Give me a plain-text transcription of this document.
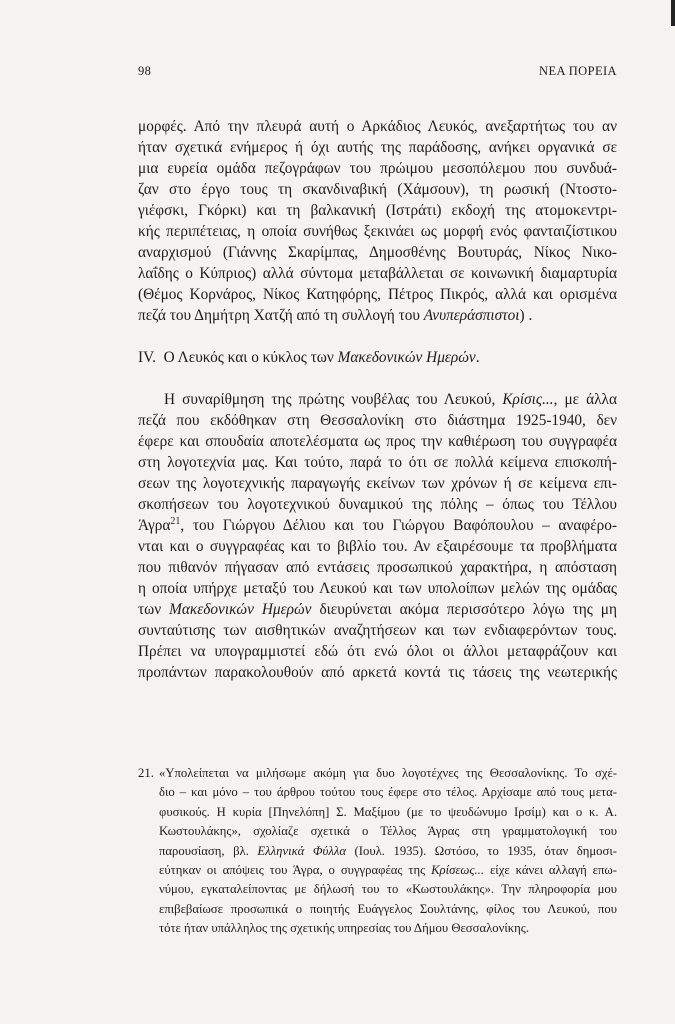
98	ΝΕΑ ΠΟΡΕΙΑ
μορφές. Από την πλευρά αυτή ο Αρκάδιος Λευκός, ανεξαρτήτως του αν
ήταν σχετικά ενήμερος ή όχι αυτής της παράδοσης, ανήκει οργανικά σε
μια ευρεία ομάδα πεζογράφων του πρώιμου μεσοπόλεμου που συνδυά-
ζαν στο έργο τους τη σκανδιναβική (Χάμσουν), τη ρωσική (Ντοστο-
γιέφσκι, Γκόρκι) και τη βαλκανική (Ιστράτι) εκδοχή της ατομοκεντρι-
κής περιπέτειας, η οποία συνήθως ξεκινάει ως μορφή ενός φανταιζίστικου
αναρχισμού (Γιάννης Σκαρίμπας, Δημοσθένης Βουτυράς, Νίκος Νικο-
λαΐδης ο Κύπριος) αλλά σύντομα μεταβάλλεται σε κοινωνική διαμαρτυρία
(Θέμος Κορνάρος, Νίκος Κατηφόρης, Πέτρος Πικρός, αλλά και ορισμένα
πεζά του Δημήτρη Χατζή από τη συλλογή του Ανυπεράσπιστοι) .
IV. Ο Λευκός και ο κύκλος των Μακεδονικών Ημερών.
Η συναρίθμηση της πρώτης νουβέλας του Λευκού, Κρίσις..., με άλλα
πεζά που εκδόθηκαν στη Θεσσαλονίκη στο διάστημα 1925-1940, δεν
έφερε και σπουδαία αποτελέσματα ως προς την καθιέρωση του συγγραφέα
στη λογοτεχνία μας. Και τούτο, παρά το ότι σε πολλά κείμενα επισκοπή-
σεων της λογοτεχνικής παραγωγής εκείνων των χρόνων ή σε κείμενα επι-
σκοπήσεων του λογοτεχνικού δυναμικού της πόλης – όπως του Τέλλου
Άγρα$^{21}$, του Γιώργου Δέλιου και του Γιώργου Βαφόπουλου – αναφέρο-
νται και ο συγγραφέας και το βιβλίο του. Αν εξαιρέσουμε τα προβλήματα
που πιθανόν πήγασαν από εντάσεις προσωπικού χαρακτήρα, η απόσταση
η οποία υπήρχε μεταξύ του Λευκού και των υπολοίπων μελών της ομάδας
των Μακεδονικών Ημερών διευρύνεται ακόμα περισσότερο λόγω της μη
συνταύτισης των αισθητικών αναζητήσεων και των ενδιαφερόντων τους.
Πρέπει να υπογραμμιστεί εδώ ότι ενώ όλοι οι άλλοι μεταφράζουν και
προπάντων παρακολουθούν από αρκετά κοντά τις τάσεις της νεωτερικής
21. «Υπολείπεται να μιλήσωμε ακόμη για δυο λογοτέχνες της Θεσσαλονίκης. Το σχέ-
διο – και μόνο – του άρθρου τούτου τους έφερε στο τέλος. Αρχίσαμε από τους μετα-
φυσικούς. Η κυρία [Πηνελόπη] Σ. Μαξίμου (με το ψευδώνυμο Ιρσίμ) και ο κ. Α.
Κωστουλάκης», σχολίαζε σχετικά ο Τέλλος Άγρας στη γραμματολογική του
παρουσίαση, βλ. Ελληνικά Φύλλα (Ιουλ. 1935). Ωστόσο, το 1935, όταν δημοσι-
εύτηκαν οι απόψεις του Άγρα, ο συγγραφέας της Κρίσεως... είχε κάνει αλλαγή επω-
νύμου, εγκαταλείποντας με δήλωσή του το «Κωστουλάκης». Την πληροφορία μου
επιβεβαίωσε προσωπικά ο ποιητής Ευάγγελος Σουλτάνης, φίλος του Λευκού, που
τότε ήταν υπάλληλος της σχετικής υπηρεσίας του Δήμου Θεσσαλονίκης.
